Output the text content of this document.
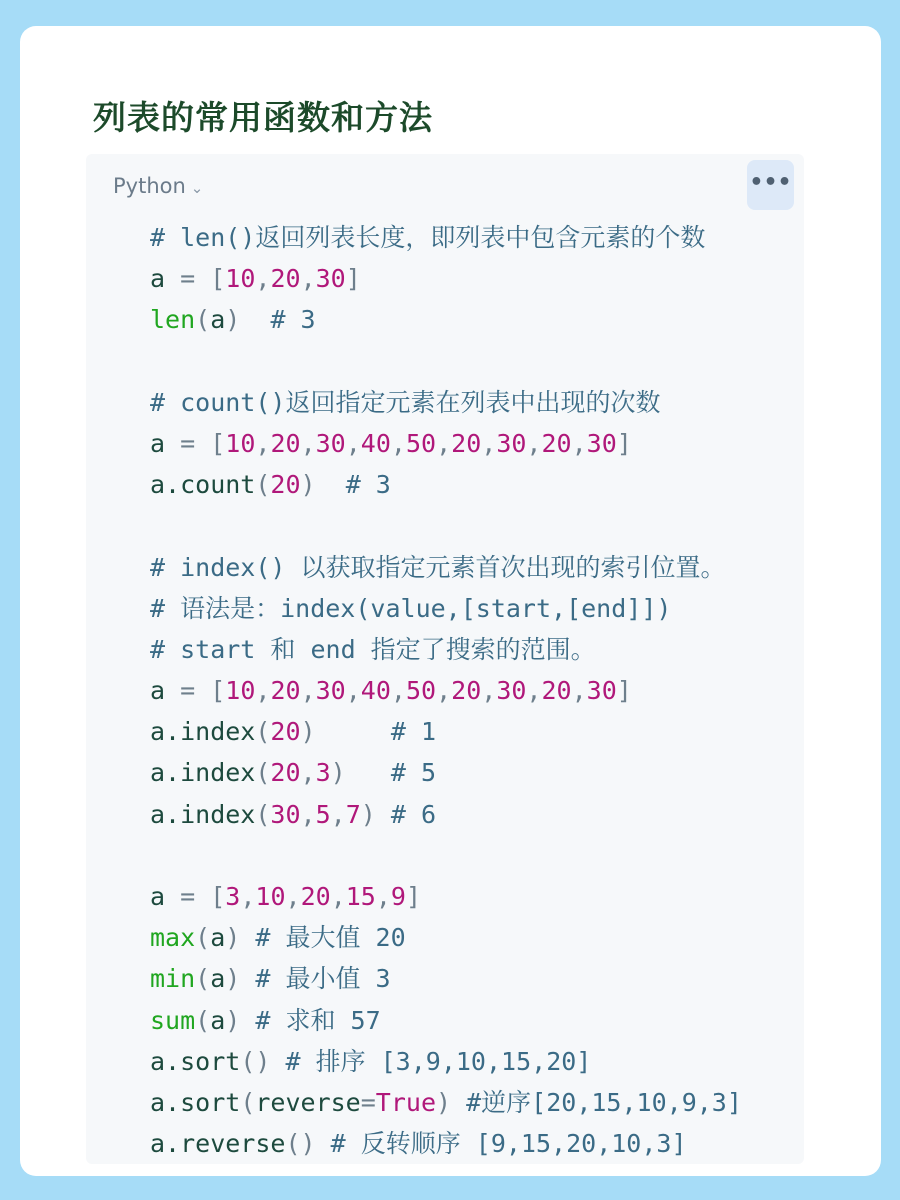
列表的常用函数和方法
Python ⌄	•••
# len()返回列表长度，即列表中包含元素的个数
a = [10,20,30]
len(a)  # 3

# count()返回指定元素在列表中出现的次数
a = [10,20,30,40,50,20,30,20,30]
a.count(20)  # 3

# index() 以获取指定元素首次出现的索引位置。
# 语法是：index(value,[start,[end]])
# start 和 end 指定了搜索的范围。
a = [10,20,30,40,50,20,30,20,30]
a.index(20)     # 1
a.index(20,3)   # 5
a.index(30,5,7) # 6

a = [3,10,20,15,9]
max(a) # 最大值 20
min(a) # 最小值 3
sum(a) # 求和 57
a.sort() # 排序 [3,9,10,15,20]
a.sort(reverse=True) #逆序[20,15,10,9,3]
a.reverse() # 反转顺序 [9,15,20,10,3]
